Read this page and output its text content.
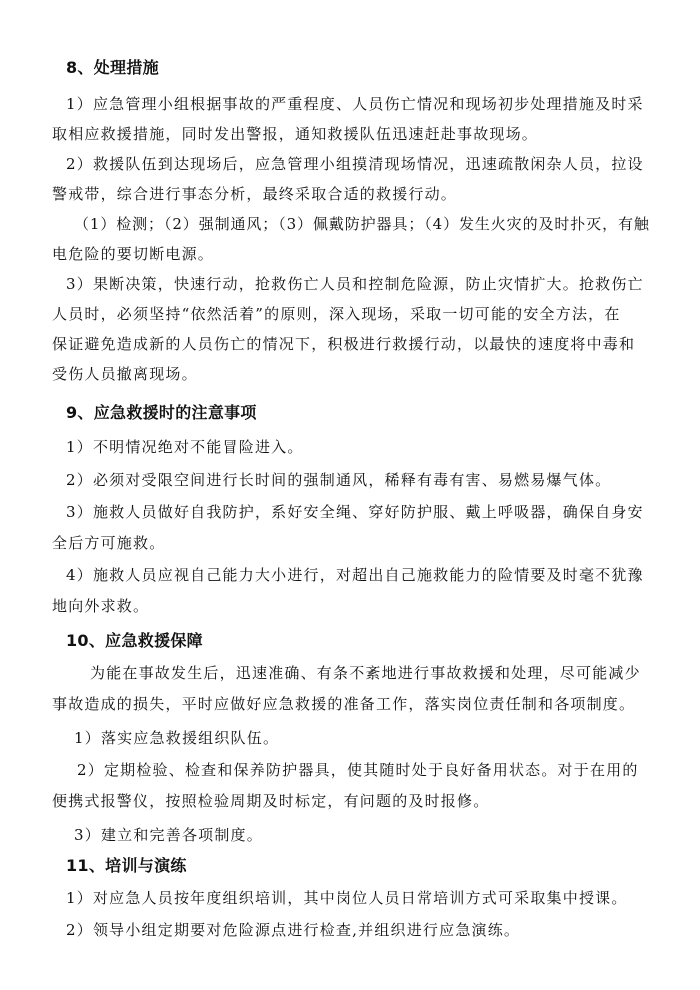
8、处理措施
1）应急管理小组根据事故的严重程度、人员伤亡情况和现场初步处理措施及时采
取相应救援措施，同时发出警报，通知救援队伍迅速赶赴事故现场。
2）救援队伍到达现场后，应急管理小组摸清现场情况，迅速疏散闲杂人员，拉设
警戒带，综合进行事态分析，最终采取合适的救援行动。
（1）检测；（2）强制通风；（3）佩戴防护器具；（4）发生火灾的及时扑灭，有触
电危险的要切断电源。
3）果断决策，快速行动，抢救伤亡人员和控制危险源，防止灾情扩大。抢救伤亡
人员时，必须坚持“依然活着”的原则，深入现场，采取一切可能的安全方法，在
保证避免造成新的人员伤亡的情况下，积极进行救援行动，以最快的速度将中毒和
受伤人员撤离现场。
9、应急救援时的注意事项
1）不明情况绝对不能冒险进入。
2）必须对受限空间进行长时间的强制通风，稀释有毒有害、易燃易爆气体。
3）施救人员做好自我防护，系好安全绳、穿好防护服、戴上呼吸器，确保自身安
全后方可施救。
4）施救人员应视自己能力大小进行，对超出自己施救能力的险情要及时毫不犹豫
地向外求救。
10、应急救援保障
为能在事故发生后，迅速准确、有条不紊地进行事故救援和处理，尽可能减少
事故造成的损失，平时应做好应急救援的准备工作，落实岗位责任制和各项制度。
1）落实应急救援组织队伍。
2）定期检验、检查和保养防护器具，使其随时处于良好备用状态。对于在用的
便携式报警仪，按照检验周期及时标定，有问题的及时报修。
3）建立和完善各项制度。
11、培训与演练
1）对应急人员按年度组织培训，其中岗位人员日常培训方式可采取集中授课。
2）领导小组定期要对危险源点进行检查,并组织进行应急演练。
